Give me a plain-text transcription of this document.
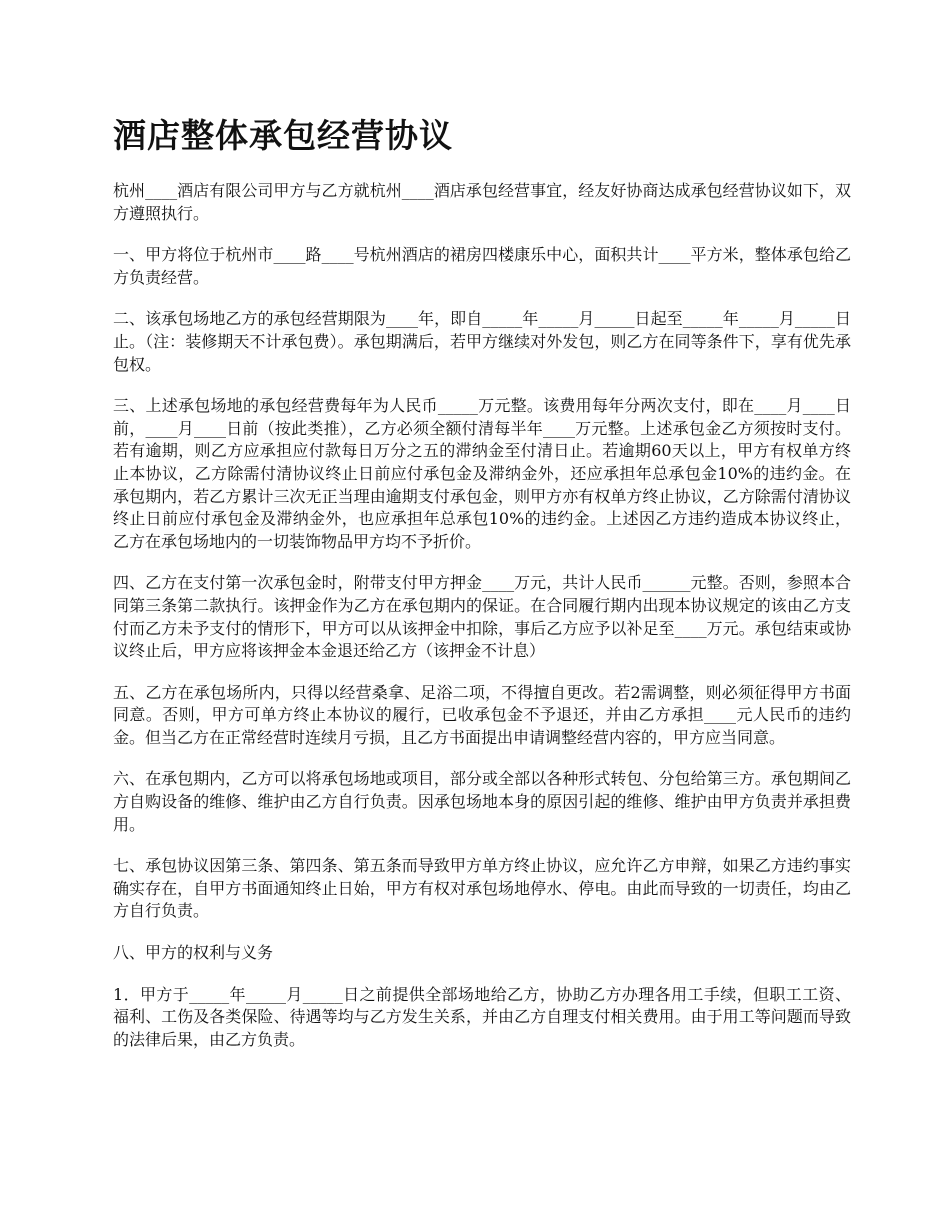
酒店整体承包经营协议

杭州____酒店有限公司甲方与乙方就杭州____酒店承包经营事宜，经友好协商达成承包经营协议如下，双方遵照执行。

一、甲方将位于杭州市____路____号杭州酒店的裙房四楼康乐中心，面积共计____平方米，整体承包给乙方负责经营。

二、该承包场地乙方的承包经营期限为____年，即自_____年_____月_____日起至_____年_____月_____日止。（注：装修期天不计承包费）。承包期满后，若甲方继续对外发包，则乙方在同等条件下，享有优先承包权。

三、上述承包场地的承包经营费每年为人民币_____万元整。该费用每年分两次支付，即在____月____日前，____月____日前（按此类推），乙方必须全额付清每半年____万元整。上述承包金乙方须按时支付。若有逾期，则乙方应承担应付款每日万分之五的滞纳金至付清日止。若逾期60天以上，甲方有权单方终止本协议，乙方除需付清协议终止日前应付承包金及滞纳金外，还应承担年总承包金10%的违约金。在承包期内，若乙方累计三次无正当理由逾期支付承包金，则甲方亦有权单方终止协议，乙方除需付清协议终止日前应付承包金及滞纳金外，也应承担年总承包10%的违约金。上述因乙方违约造成本协议终止，乙方在承包场地内的一切装饰物品甲方均不予折价。

四、乙方在支付第一次承包金时，附带支付甲方押金____万元，共计人民币______元整。否则，参照本合同第三条第二款执行。该押金作为乙方在承包期内的保证。在合同履行期内出现本协议规定的该由乙方支付而乙方未予支付的情形下，甲方可以从该押金中扣除，事后乙方应予以补足至____万元。承包结束或协议终止后，甲方应将该押金本金退还给乙方（该押金不计息）

五、乙方在承包场所内，只得以经营桑拿、足浴二项，不得擅自更改。若2需调整，则必须征得甲方书面同意。否则，甲方可单方终止本协议的履行，已收承包金不予退还，并由乙方承担____元人民币的违约金。但当乙方在正常经营时连续月亏损，且乙方书面提出申请调整经营内容的，甲方应当同意。

六、在承包期内，乙方可以将承包场地或项目，部分或全部以各种形式转包、分包给第三方。承包期间乙方自购设备的维修、维护由乙方自行负责。因承包场地本身的原因引起的维修、维护由甲方负责并承担费用。

七、承包协议因第三条、第四条、第五条而导致甲方单方终止协议，应允许乙方申辩，如果乙方违约事实确实存在，自甲方书面通知终止日始，甲方有权对承包场地停水、停电。由此而导致的一切责任，均由乙方自行负责。

八、甲方的权利与义务

1．甲方于_____年_____月_____日之前提供全部场地给乙方，协助乙方办理各用工手续，但职工工资、福利、工伤及各类保险、待遇等均与乙方发生关系，并由乙方自理支付相关费用。由于用工等问题而导致的法律后果，由乙方负责。
